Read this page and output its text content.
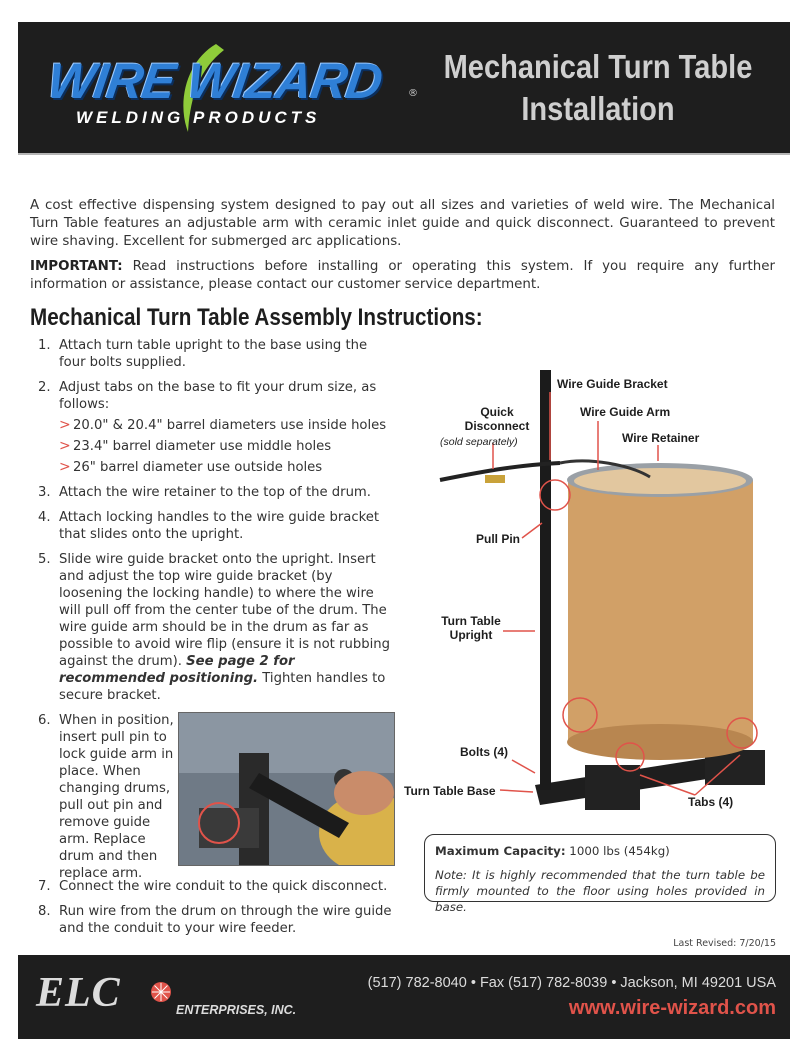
WIRE WIZARD ®
WELDING PRODUCTS
Mechanical Turn Table
Installation
A cost effective dispensing system designed to pay out all sizes and varieties of weld wire. The Mechanical Turn Table features an adjustable arm with ceramic inlet guide and quick disconnect. Guaranteed to prevent wire shaving. Excellent for submerged arc applications.
IMPORTANT: Read instructions before installing or operating this system. If you require any further information or assistance, please contact our customer service department.
Mechanical Turn Table Assembly Instructions:
1. Attach turn table upright to the base using the four bolts supplied.
2. Adjust tabs on the base to fit your drum size, as follows:
> 20.0" & 20.4" barrel diameters use inside holes
> 23.4" barrel diameter use middle holes
> 26" barrel diameter use outside holes
3. Attach the wire retainer to the top of the drum.
4. Attach locking handles to the wire guide bracket that slides onto the upright.
5. Slide wire guide bracket onto the upright. Insert and adjust the top wire guide bracket (by loosening the locking handle) to where the wire will pull off from the center tube of the drum. The wire guide arm should be in the drum as far as possible to avoid wire flip (ensure it is not rubbing against the drum). See page 2 for recommended positioning. Tighten handles to secure bracket.
6. When in position, insert pull pin to lock guide arm in place. When changing drums, pull out pin and remove guide arm. Replace drum and then replace arm.
7. Connect the wire conduit to the quick disconnect.
8. Run wire from the drum on through the wire guide and the conduit to your wire feeder.
Wire Guide Bracket
Quick Disconnect
(sold separately)
Wire Guide Arm
Wire Retainer
Pull Pin
Turn Table Upright
Bolts (4)
Turn Table Base
Tabs (4)
Maximum Capacity: 1000 lbs (454kg)
Note: It is highly recommended that the turn table be firmly mounted to the floor using holes provided in base.
Last Revised: 7/20/15
ELC	ENTERPRISES, INC.
(517) 782-8040 • Fax (517) 782-8039 • Jackson, MI 49201 USA
www.wire-wizard.com
